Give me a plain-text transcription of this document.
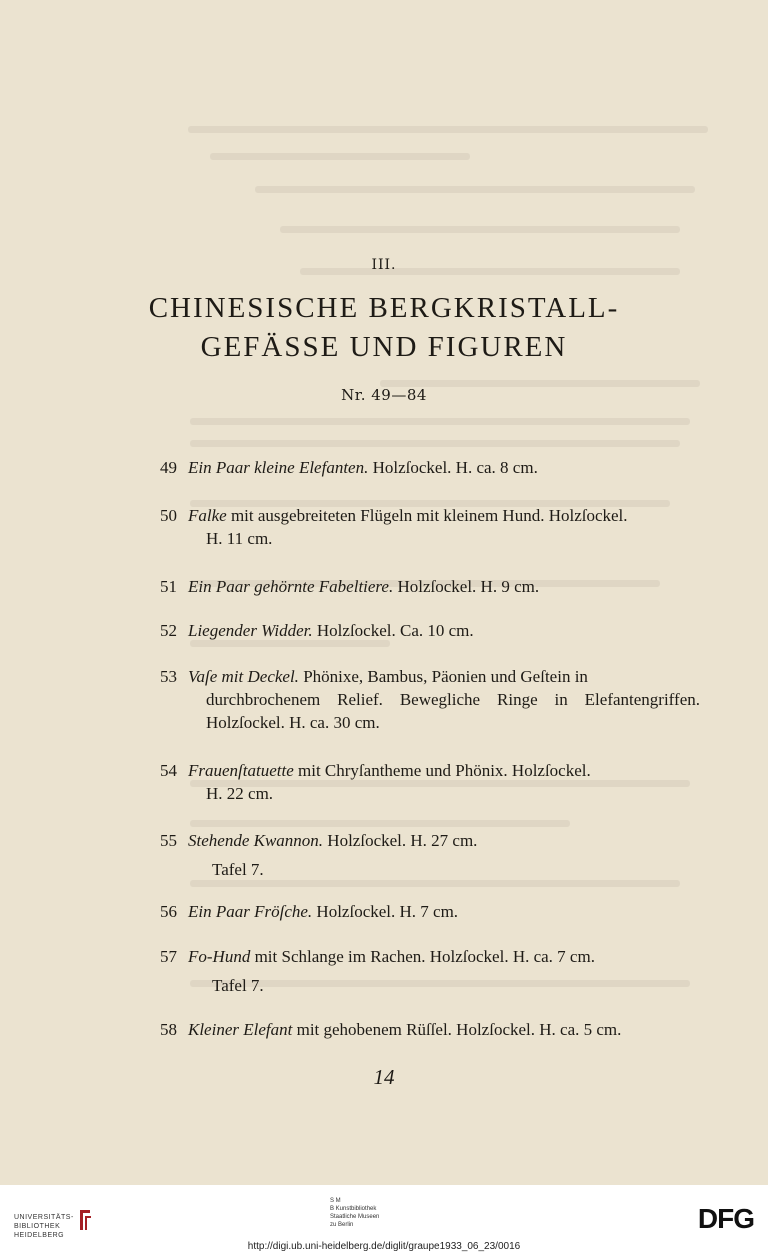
III.
CHINESISCHE BERGKRISTALL-
GEFÄSSE UND FIGUREN
Nr. 49—84
49 Ein Paar kleine Elefanten. Holzſockel. H. ca. 8 cm.
50 Falke mit ausgebreiteten Flügeln mit kleinem Hund. Holzſockel.
H. 11 cm.
51 Ein Paar gehörnte Fabeltiere. Holzſockel. H. 9 cm.
52 Liegender Widder. Holzſockel. Ca. 10 cm.
53 Vaſe mit Deckel. Phönixe, Bambus, Päonien und Geſtein in
durchbrochenem Relief. Bewegliche Ringe in Elefantengriffen. Holzſockel. H. ca. 30 cm.
54 Frauenſtatuette mit Chryſantheme und Phönix. Holzſockel.
H. 22 cm.
55 Stehende Kwannon. Holzſockel. H. 27 cm.
Tafel 7.
56 Ein Paar Fröſche. Holzſockel. H. 7 cm.
57 Fo-Hund mit Schlange im Rachen. Holzſockel. H. ca. 7 cm.
Tafel 7.
58 Kleiner Elefant mit gehobenem Rüſſel. Holzſockel. H. ca. 5 cm.
14
UNIVERSITÄTS-
BIBLIOTHEK
HEIDELBERG
S M
B Kunstbibliothek
Staatliche Museen
zu Berlin	DFG
http://digi.ub.uni-heidelberg.de/diglit/graupe1933_06_23/0016
